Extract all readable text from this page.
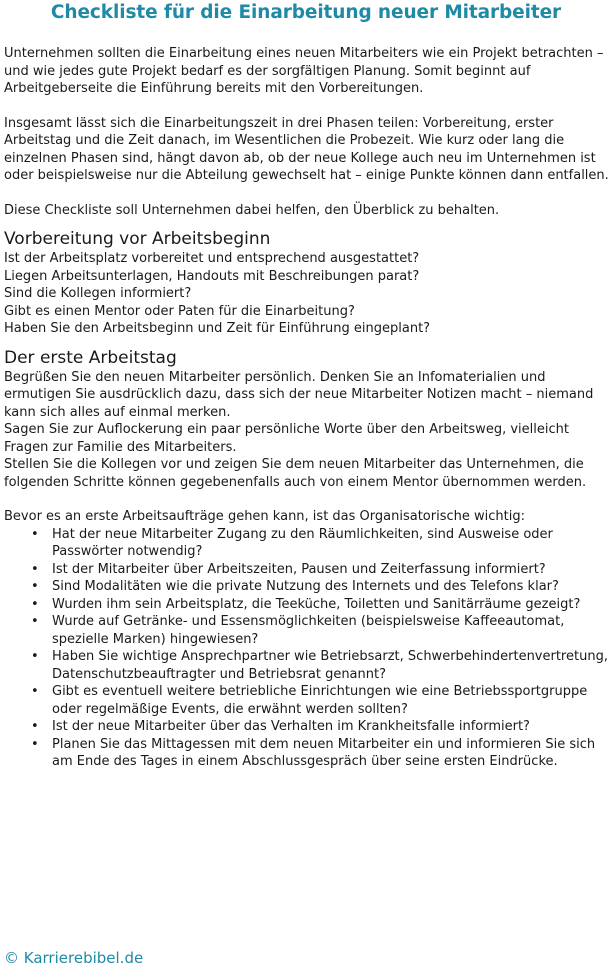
Checkliste für die Einarbeitung neuer Mitarbeiter

Unternehmen sollten die Einarbeitung eines neuen Mitarbeiters wie ein Projekt betrachten – und wie jedes gute Projekt bedarf es der sorgfältigen Planung. Somit beginnt auf Arbeitgeberseite die Einführung bereits mit den Vorbereitungen.

Insgesamt lässt sich die Einarbeitungszeit in drei Phasen teilen: Vorbereitung, erster Arbeitstag und die Zeit danach, im Wesentlichen die Probezeit. Wie kurz oder lang die einzelnen Phasen sind, hängt davon ab, ob der neue Kollege auch neu im Unternehmen ist oder beispielsweise nur die Abteilung gewechselt hat – einige Punkte können dann entfallen.

Diese Checkliste soll Unternehmen dabei helfen, den Überblick zu behalten.

Vorbereitung vor Arbeitsbeginn

Ist der Arbeitsplatz vorbereitet und entsprechend ausgestattet?

Liegen Arbeitsunterlagen, Handouts mit Beschreibungen parat?

Sind die Kollegen informiert?

Gibt es einen Mentor oder Paten für die Einarbeitung?

Haben Sie den Arbeitsbeginn und Zeit für Einführung eingeplant?

Der erste Arbeitstag

Begrüßen Sie den neuen Mitarbeiter persönlich. Denken Sie an Infomaterialien und ermutigen Sie ausdrücklich dazu, dass sich der neue Mitarbeiter Notizen macht – niemand kann sich alles auf einmal merken.

Sagen Sie zur Auflockerung ein paar persönliche Worte über den Arbeitsweg, vielleicht Fragen zur Familie des Mitarbeiters.

Stellen Sie die Kollegen vor und zeigen Sie dem neuen Mitarbeiter das Unternehmen, die folgenden Schritte können gegebenenfalls auch von einem Mentor übernommen werden.

Bevor es an erste Arbeitsaufträge gehen kann, ist das Organisatorische wichtig:

• Hat der neue Mitarbeiter Zugang zu den Räumlichkeiten, sind Ausweise oder Passwörter notwendig?
• Ist der Mitarbeiter über Arbeitszeiten, Pausen und Zeiterfassung informiert?
• Sind Modalitäten wie die private Nutzung des Internets und des Telefons klar?
• Wurden ihm sein Arbeitsplatz, die Teeküche, Toiletten und Sanitärräume gezeigt?
• Wurde auf Getränke- und Essensmöglichkeiten (beispielsweise Kaffeeautomat, spezielle Marken) hingewiesen?
• Haben Sie wichtige Ansprechpartner wie Betriebsarzt, Schwerbehindertenvertretung, Datenschutzbeauftragter und Betriebsrat genannt?
• Gibt es eventuell weitere betriebliche Einrichtungen wie eine Betriebssportgruppe oder regelmäßige Events, die erwähnt werden sollten?
• Ist der neue Mitarbeiter über das Verhalten im Krankheitsfalle informiert?
• Planen Sie das Mittagessen mit dem neuen Mitarbeiter ein und informieren Sie sich am Ende des Tages in einem Abschlussgespräch über seine ersten Eindrücke.
© Karrierebibel.de
